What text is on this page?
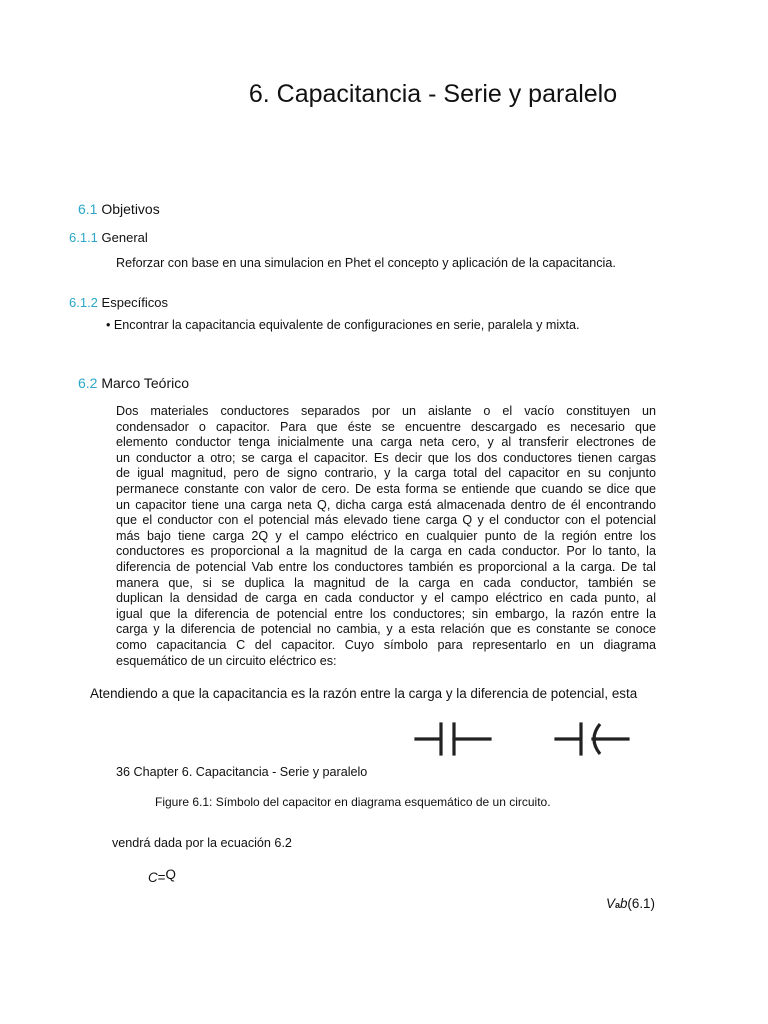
6. Capacitancia - Serie y paralelo
6.1 Objetivos
6.1.1 General
Reforzar con base en una simulacion en Phet el concepto y aplicación de la capacitancia.
6.1.2 Específicos
• Encontrar la capacitancia equivalente de configuraciones en serie, paralela y mixta.
6.2 Marco Teórico
Dos materiales conductores separados por un aislante o el vacío constituyen un
condensador o capacitor. Para que éste se encuentre descargado es necesario que
elemento conductor tenga inicialmente una carga neta cero, y al transferir electrones de
un conductor a otro; se carga el capacitor. Es decir que los dos conductores tienen cargas
de igual magnitud, pero de signo contrario, y la carga total del capacitor en su conjunto
permanece constante con valor de cero. De esta forma se entiende que cuando se dice que
un capacitor tiene una carga neta Q, dicha carga está almacenada dentro de él encontrando
que el conductor con el potencial más elevado tiene carga Q y el conductor con el potencial
más bajo tiene carga 2Q y el campo eléctrico en cualquier punto de la región entre los
conductores es proporcional a la magnitud de la carga en cada conductor. Por lo tanto, la
diferencia de potencial Vab entre los conductores también es proporcional a la carga. De tal
manera que, si se duplica la magnitud de la carga en cada conductor, también se
duplican la densidad de carga en cada conductor y el campo eléctrico en cada punto, al
igual que la diferencia de potencial entre los conductores; sin embargo, la razón entre la
carga y la diferencia de potencial no cambia, y a esta relación que es constante se conoce
como capacitancia C del capacitor. Cuyo símbolo para representarlo en un diagrama
esquemático de un circuito eléctrico es:
Atendiendo a que la capacitancia es la razón entre la carga y la diferencia de potencial, esta
36 Chapter 6. Capacitancia - Serie y paralelo
Figure 6.1: Símbolo del capacitor en diagrama esquemático de un circuito.
vendrá dada por la ecuación 6.2
C=Q
Vab(6.1)
